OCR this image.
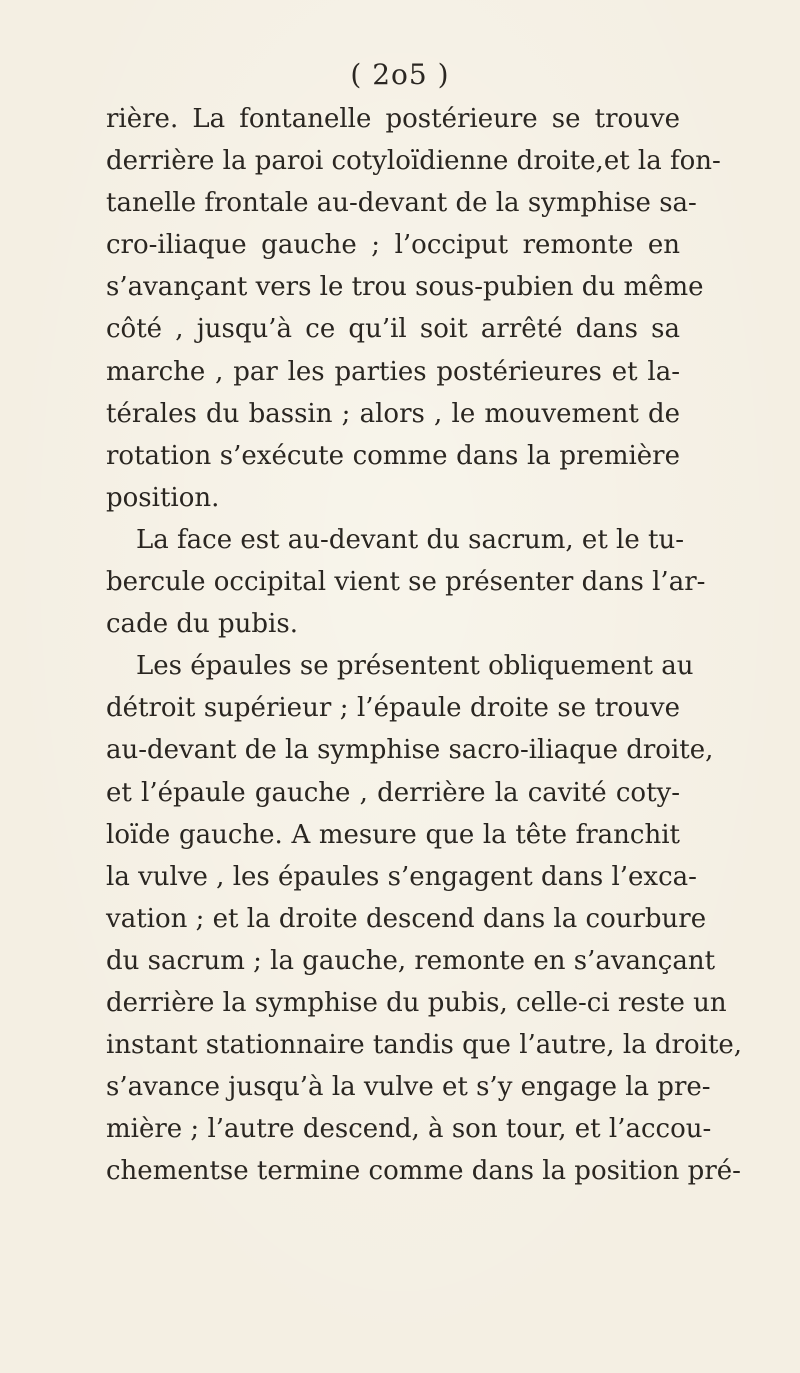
( 2o5 )
rière. La fontanelle postérieure se trouve
derrière la paroi cotyloïdienne droite,et la fon-
tanelle frontale au-devant de la symphise sa-
cro-iliaque gauche ; l’occiput remonte en
s’avançant vers le trou sous-pubien du même
côté , jusqu’à ce qu’il soit arrêté dans sa
marche , par les parties postérieures et la-
térales du bassin ; alors , le mouvement de
rotation s’exécute comme dans la première
position.
La face est au-devant du sacrum, et le tu-
bercule occipital vient se présenter dans l’ar-
cade du pubis.
Les épaules se présentent obliquement au
détroit supérieur ; l’épaule droite se trouve
au-devant de la symphise sacro-iliaque droite,
et l’épaule gauche , derrière la cavité coty-
loïde gauche. A mesure que la tête franchit
la vulve , les épaules s’engagent dans l’exca-
vation ; et la droite descend dans la courbure
du sacrum ; la gauche, remonte en s’avançant
derrière la symphise du pubis, celle-ci reste un
instant stationnaire tandis que l’autre, la droite,
s’avance jusqu’à la vulve et s’y engage la pre-
mière ; l’autre descend, à son tour, et l’accou-
chementse termine comme dans la position pré-
